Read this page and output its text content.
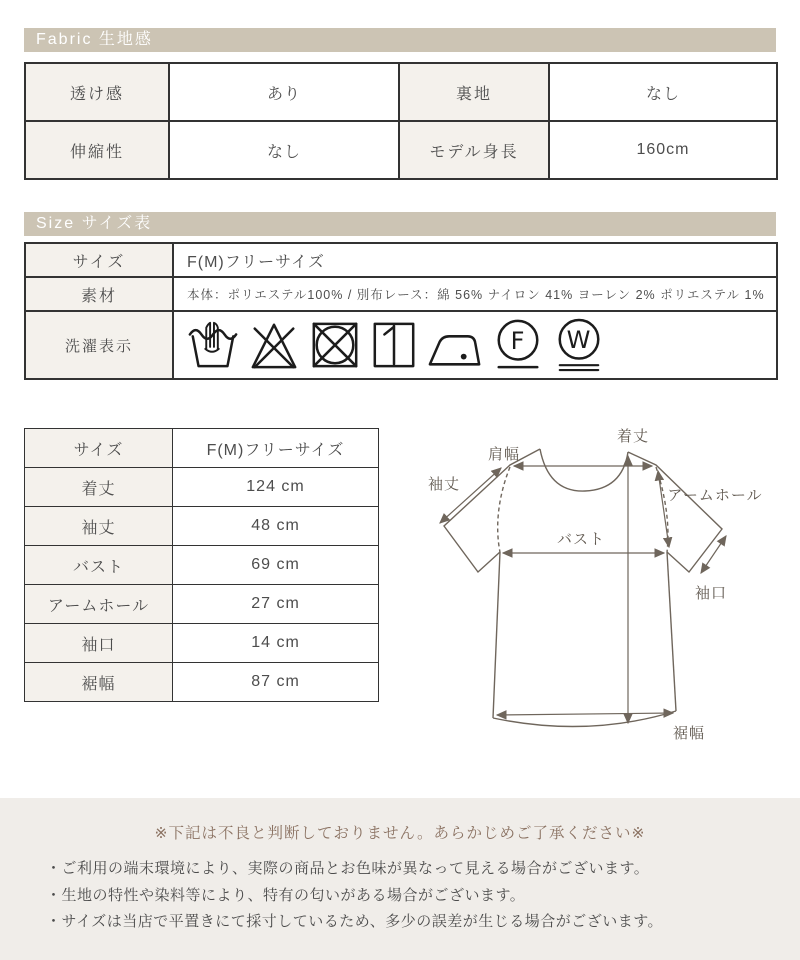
Fabric 生地感
透け感	あり	裏地	なし
伸縮性	なし	モデル身長	160cm
Size サイズ表
サイズ	F(M)フリーサイズ
素材	本体：ポリエステル100% / 別布レース：綿 56% ナイロン 41% ヨーレン 2% ポリエステル 1%
洗濯表示	F W
サイズ	F(M)フリーサイズ
着丈	124 cm
袖丈	48 cm
バスト	69 cm
アームホール	27 cm
袖口	14 cm
裾幅	87 cm
着丈
肩幅
袖丈
アームホール
バスト
袖口
裾幅
※下記は不良と判断しておりません。あらかじめご了承ください※
・ご利用の端末環境により、実際の商品とお色味が異なって見える場合がございます。
・生地の特性や染料等により、特有の匂いがある場合がございます。
・サイズは当店で平置きにて採寸しているため、多少の誤差が生じる場合がございます。
